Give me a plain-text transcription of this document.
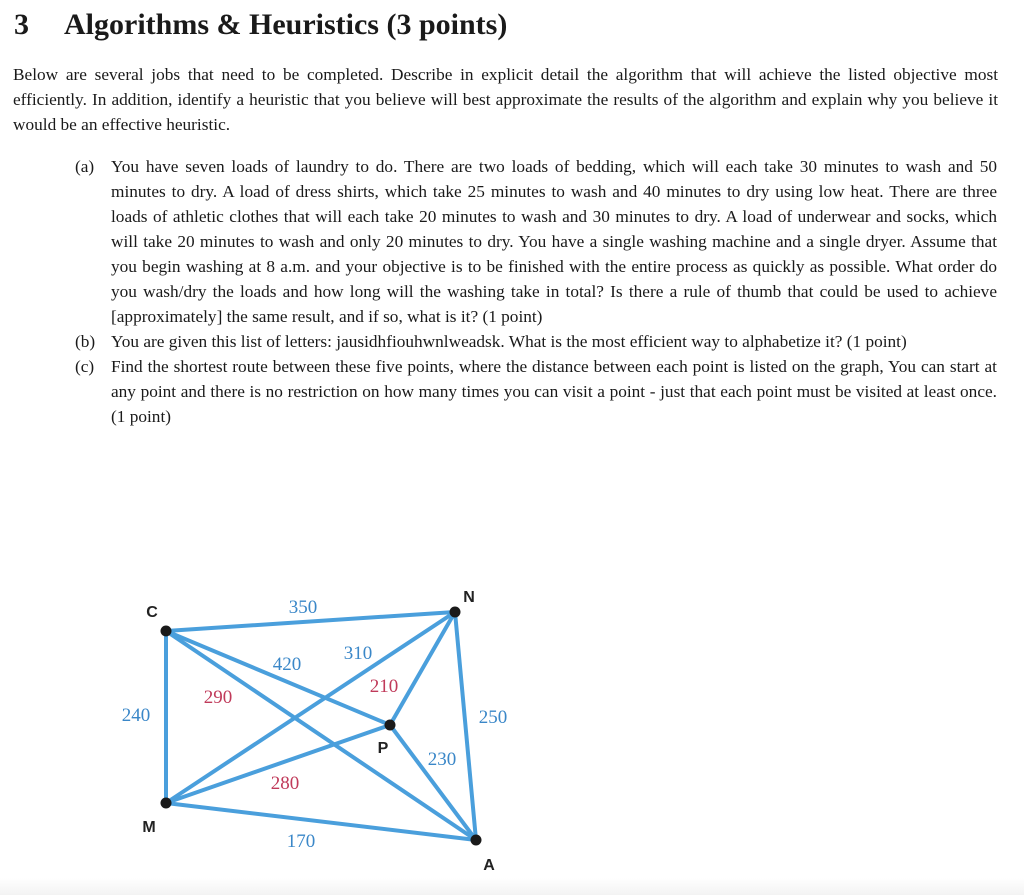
3 Algorithms & Heuristics (3 points)

Below are several jobs that need to be completed. Describe in explicit detail the algorithm that will achieve the listed objective most efficiently. In addition, identify a heuristic that you believe will best approximate the results of the algorithm and explain why you believe it would be an effective heuristic.

(a) You have seven loads of laundry to do. There are two loads of bedding, which will each take 30 minutes to wash and 50 minutes to dry. A load of dress shirts, which take 25 minutes to wash and 40 minutes to dry using low heat. There are three loads of athletic clothes that will each take 20 minutes to wash and 30 minutes to dry. A load of underwear and socks, which will take 20 minutes to wash and only 20 minutes to dry. You have a single washing machine and a single dryer. Assume that you begin washing at 8 a.m. and your objective is to be finished with the entire process as quickly as possible. What order do you wash/dry the loads and how long will the washing take in total? Is there a rule of thumb that could be used to achieve [approximately] the same result, and if so, what is it? (1 point)

(b) You are given this list of letters: jausidhfiouhwnlweadsk. What is the most efficient way to alphabetize it? (1 point)

(c) Find the shortest route between these five points, where the distance between each point is listed on the graph, You can start at any point and there is no restriction on how many times you can visit a point - just that each point must be visited at least once. (1 point)

350
240
170
250
420
310
290
210
280
230
C
N
P
M
A
